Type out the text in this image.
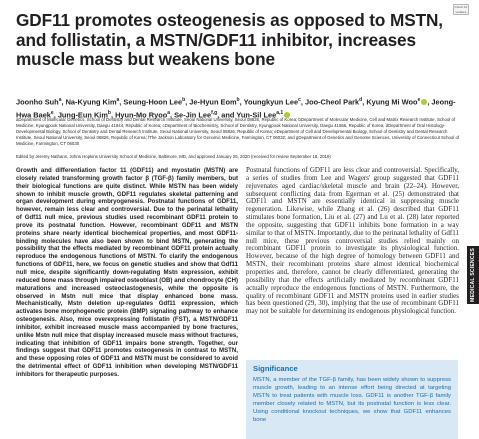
Check for updates
GDF11 promotes osteogenesis as opposed to MSTN, and follistatin, a MSTN/GDF11 inhibitor, increases muscle mass but weakens bone

Joonho Suh$^a$, Na-Kyung Kim$^a$, Seung-Hoon Lee$^b$, Je-Hyun Eom$^b$, Youngkyun Lee$^c$, Joo-Cheol Park$^d$, Kyung Mi Woo$^e$ , Jeong-Hwa Baek$^e$, Jung-Eun Kim$^b$, Hyun-Mo Ryoo$^a$, Se-Jin Lee$^{f,g}$, and Yun-Sil Lee$^{a,1}$

aDepartment of Molecular Genetics, School of Dentistry and Dental Research Institute, Seoul National University, Seoul 08826, Republic of Korea; bDepartment of Molecular Medicine, Cell and Matrix Research Institute, School of Medicine, Kyungpook National University, Daegu 41944, Republic of Korea; cDepartment of Biochemistry, School of Dentistry, Kyungpook National University, Daegu 41566, Republic of Korea; dDepartment of Oral Histology-Developmental Biology, School of Dentistry and Dental Research Institute, Seoul National University, Seoul 08826, Republic of Korea; eDepartment of Cell and Developmental Biology, School of Dentistry and Dental Research Institute, Seoul National University, Seoul 08826, Republic of Korea; fThe Jackson Laboratory for Genomic Medicine, Farmington, CT 06032; and gDepartment of Genetics and Genome Sciences, University of Connecticut School of Medicine, Farmington, CT 06030

Edited by Jeremy Nathans, Johns Hopkins University School of Medicine, Baltimore, MD, and approved January 25, 2020 (received for review September 18, 2019)

Growth and differentiation factor 11 (GDF11) and myostatin (MSTN) are closely related transforming growth factor β (TGF-β) family members, but their biological functions are quite distinct. While MSTN has been widely shown to inhibit muscle growth, GDF11 regulates skeletal patterning and organ development during embryogenesis. Postnatal functions of GDF11, however, remain less clear and controversial. Due to the perinatal lethality of Gdf11 null mice, previous studies used recombinant GDF11 protein to prove its postnatal function. However, recombinant GDF11 and MSTN proteins share nearly identical biochemical properties, and most GDF11-binding molecules have also been shown to bind MSTN, generating the possibility that the effects mediated by recombinant GDF11 protein actually reproduce the endogenous functions of MSTN. To clarify the endogenous functions of GDF11, here, we focus on genetic studies and show that Gdf11 null mice, despite significantly down-regulating Mstn expression, exhibit reduced bone mass through impaired osteoblast (OB) and chondrocyte (CH) maturations and increased osteoclastogenesis, while the opposite is observed in Mstn null mice that display enhanced bone mass. Mechanistically, Mstn deletion up-regulates Gdf11 expression, which activates bone morphogenetic protein (BMP) signaling pathway to enhance osteogenesis. Also, mice overexpressing follistatin (FST), a MSTN/GDF11 inhibitor, exhibit increased muscle mass accompanied by bone fractures, unlike Mstn null mice that display increased muscle mass without fractures, indicating that inhibition of GDF11 impairs bone strength. Together, our findings suggest that GDF11 promotes osteogenesis in contrast to MSTN, and these opposing roles of GDF11 and MSTN must be considered to avoid the detrimental effect of GDF11 inhibition when developing MSTN/GDF11 inhibitors for therapeutic purposes.

Postnatal functions of GDF11 are less clear and controversial. Specifically, a series of studies from Lee and Wagers' group suggested that GDF11 rejuvenates aged cardiac/skeletal muscle and brain (22–24). However, subsequent conflicting data from Egerman et al. (25) demonstrated that GDF11 and MSTN are essentially identical in suppressing muscle regeneration. Likewise, while Zhang et al. (26) described that GDF11 stimulates bone formation, Liu et al. (27) and Lu et al. (28) later reported the opposite, suggesting that GDF11 inhibits bone formation in a way similar to that of MSTN. Importantly, due to the perinatal lethality of Gdf11 null mice, these previous controversial studies relied mainly on recombinant GDF11 protein to investigate its physiological function. However, because of the high degree of homology between GDF11 and MSTN, their recombinant proteins share almost identical biochemical properties and, therefore, cannot be clearly differentiated, generating the possibility that the effects artificially mediated by recombinant GDF11 actually reproduce the endogenous functions of MSTN. Furthermore, the quality of recombinant GDF11 and MSTN proteins used in earlier studies has been questioned (29, 30), implying that the use of recombinant GDF11 may not be suitable for determining its endogenous physiological function.

Significance

MSTN, a member of the TGF-β family, has been widely shown to suppress muscle growth, leading to an intense effort being directed at targeting MSTN to treat patients with muscle loss. GDF11 is another TGF-β family member closely related to MSTN, but its postnatal function is less clear. Using conditional knockout techniques, we show that GDF11 enhances bone

MEDICAL SCIENCES
